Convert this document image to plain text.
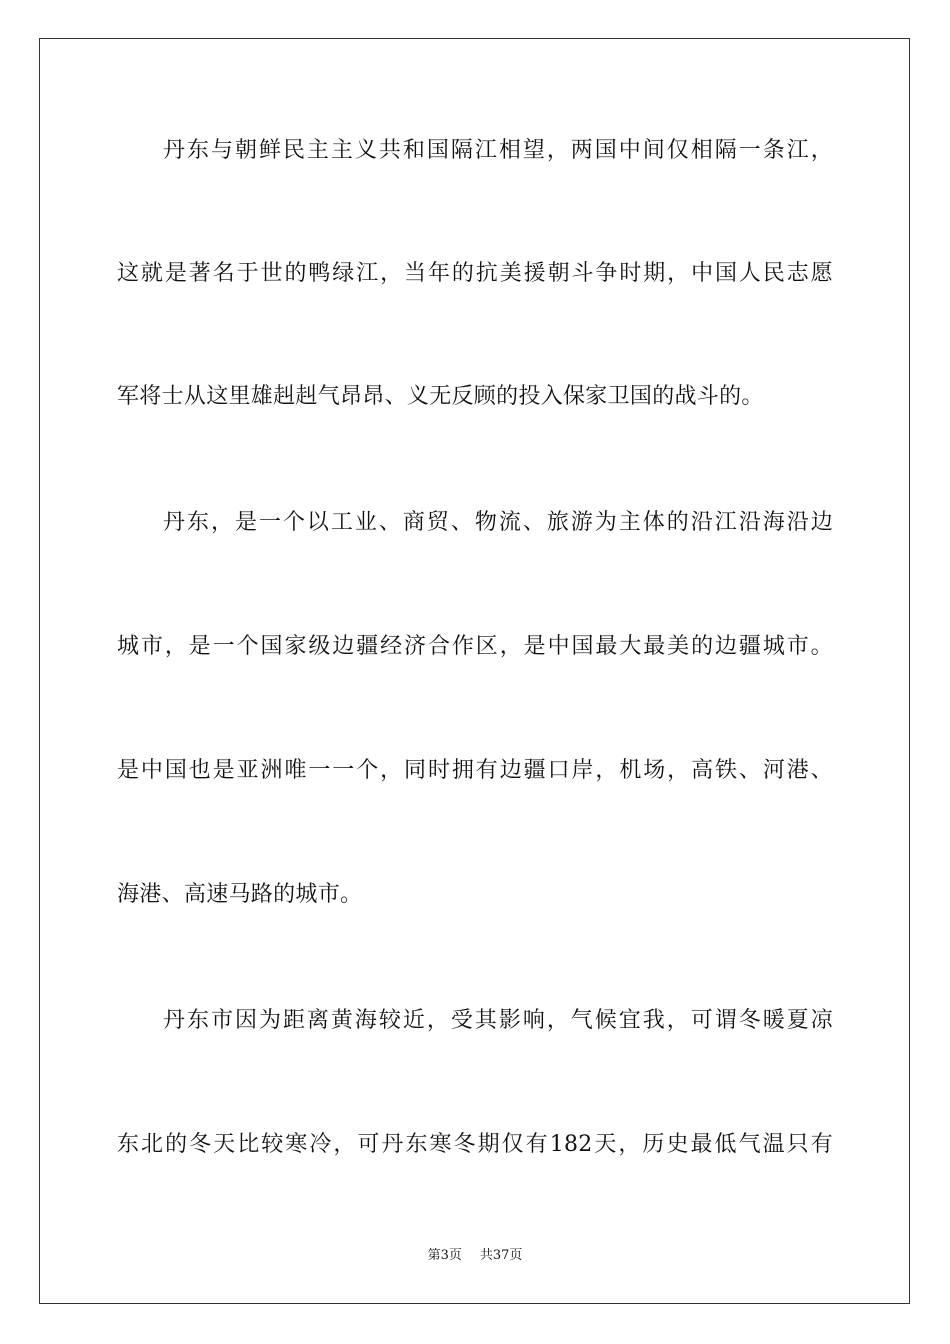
丹东与朝鲜民主主义共和国隔江相望，两国中间仅相隔一条江，
这就是著名于世的鸭绿江，当年的抗美援朝斗争时期，中国人民志愿
军将士从这里雄赳赳气昂昂、义无反顾的投入保家卫国的战斗的。
丹东，是一个以工业、商贸、物流、旅游为主体的沿江沿海沿边
城市，是一个国家级边疆经济合作区，是中国最大最美的边疆城市。
是中国也是亚洲唯一一个，同时拥有边疆口岸，机场，高铁、河港、
海港、高速马路的城市。
丹东市因为距离黄海较近，受其影响，气候宜我，可谓冬暖夏凉
东北的冬天比较寒冷，可丹东寒冬期仅有182天，历史最低气温只有
第3页 共37页
